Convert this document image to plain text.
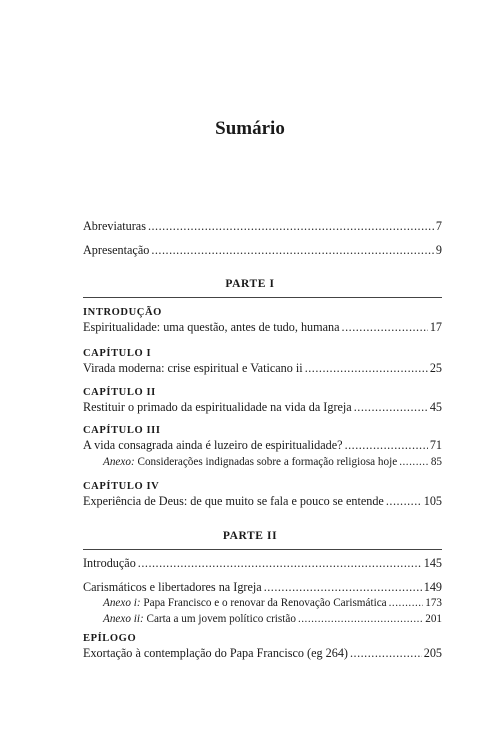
Sumário
Abreviaturas .....	7
Apresentação .....	9
PARTE I
INTRODUÇÃO
Espiritualidade: uma questão, antes de tudo, humana .....	17
CAPÍTULO I
Virada moderna: crise espiritual e Vaticano ii .....	25
CAPÍTULO II
Restituir o primado da espiritualidade na vida da Igreja .....	45
CAPÍTULO III
A vida consagrada ainda é luzeiro de espiritualidade? .....	71
Anexo: Considerações indignadas sobre a formação religiosa hoje .....	85
CAPÍTULO IV
Experiência de Deus: de que muito se fala e pouco se entende .....	105
PARTE II
Introdução .....	145
Carismáticos e libertadores na Igreja .....	149
Anexo i: Papa Francisco e o renovar da Renovação Carismática .....	173
Anexo ii: Carta a um jovem político cristão .....	201
EPÍLOGO
Exortação à contemplação do Papa Francisco (eg 264) .....	205
